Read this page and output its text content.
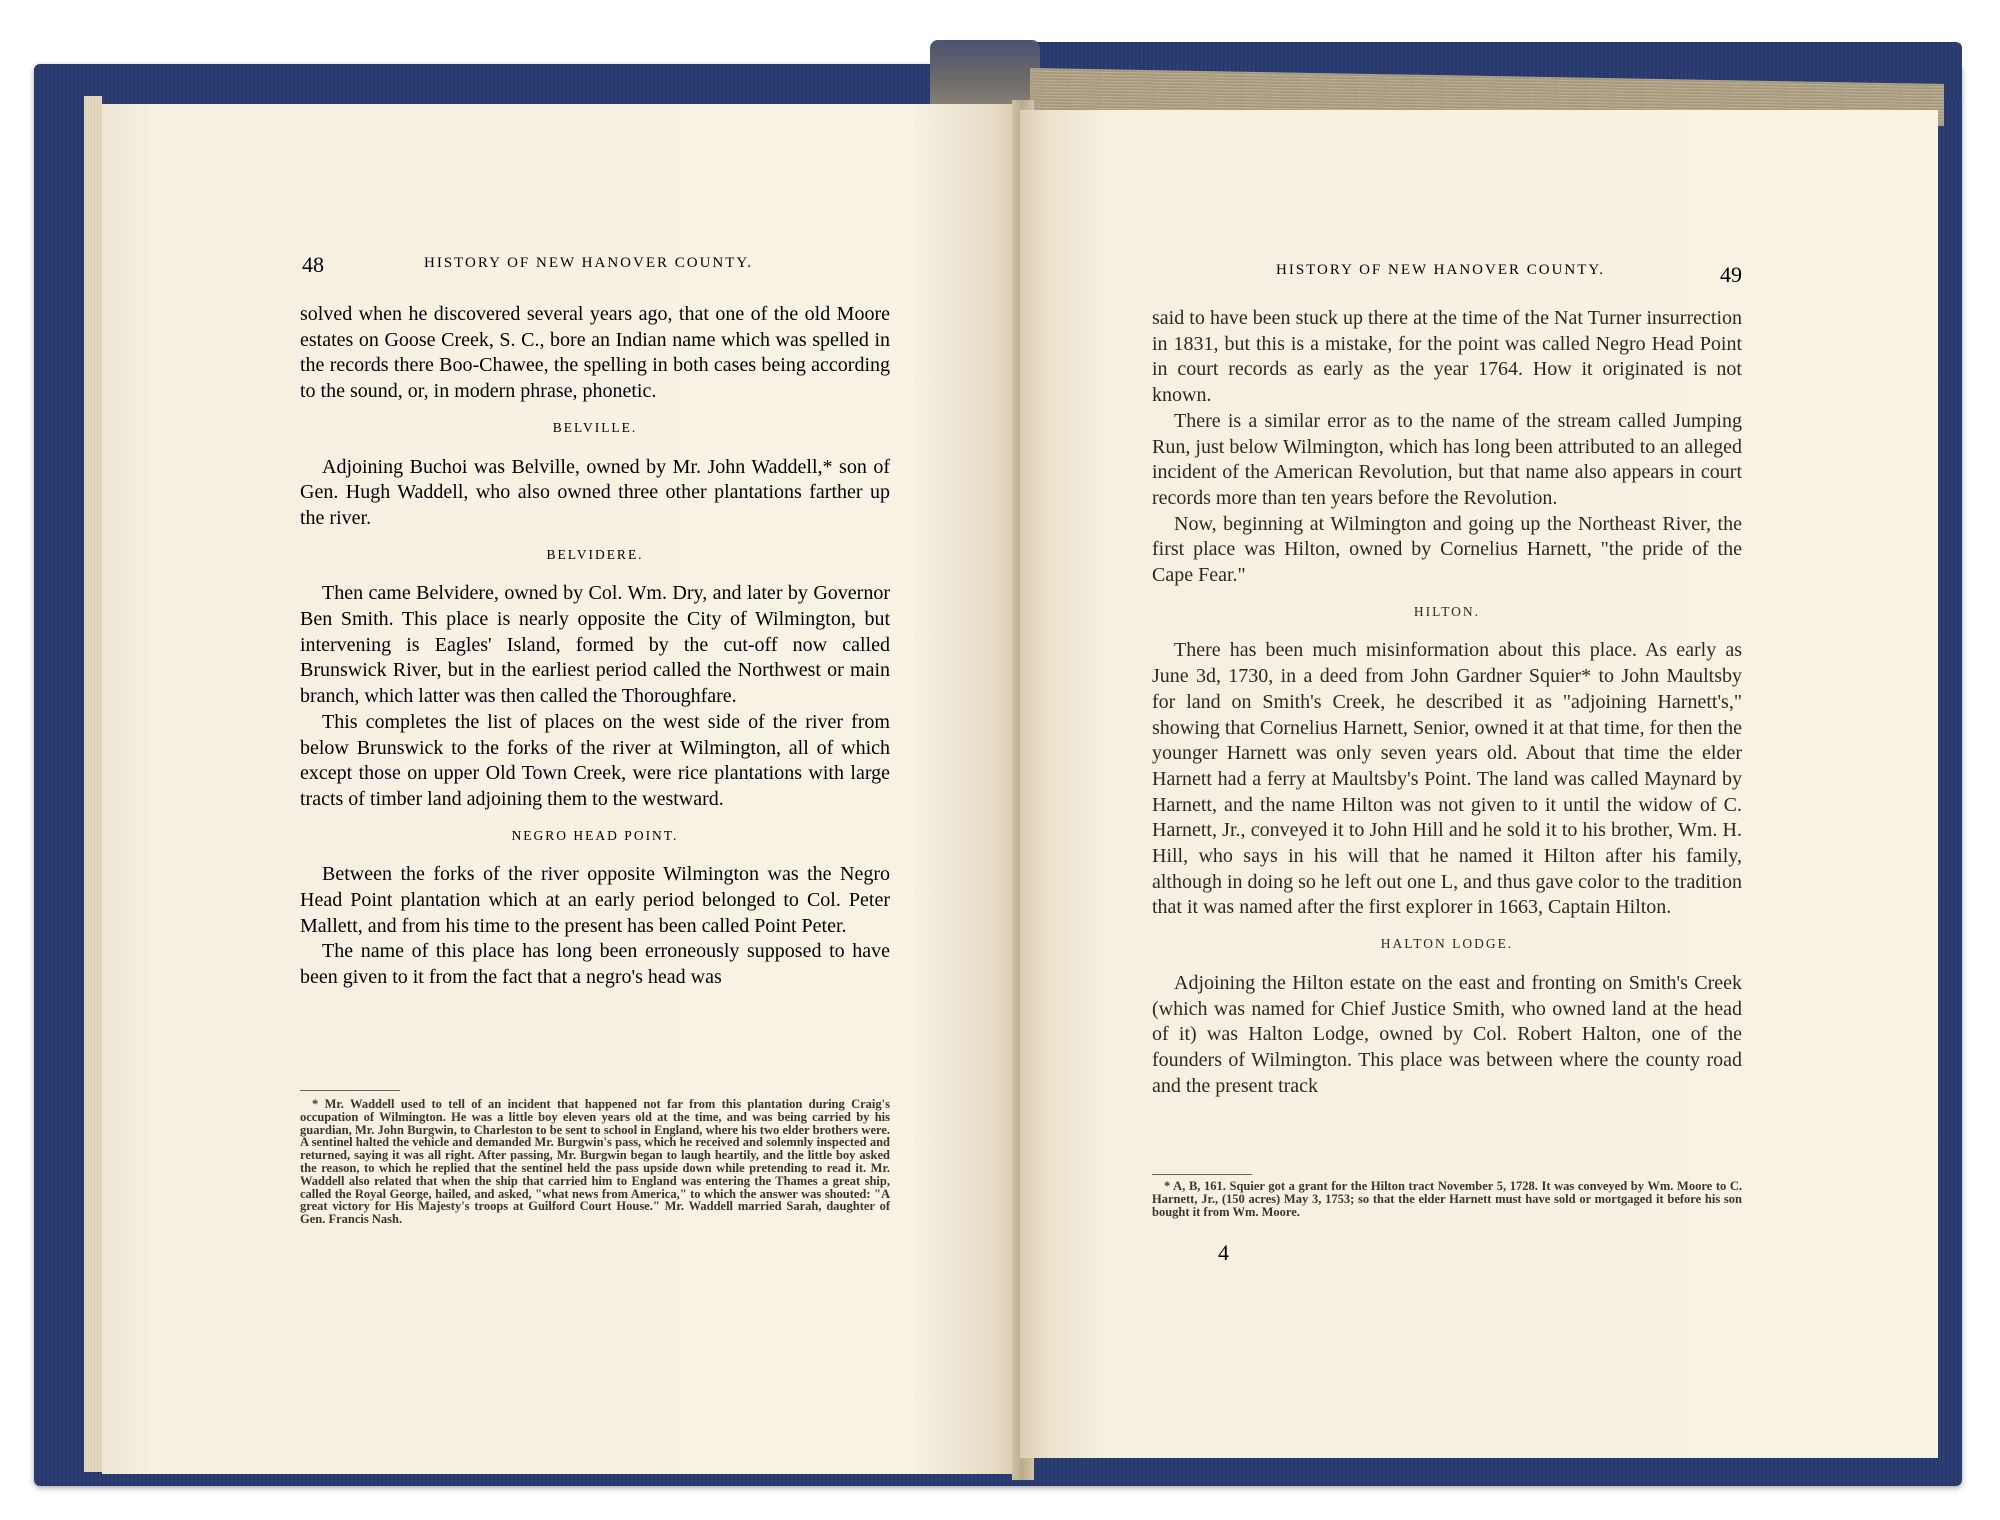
48	HISTORY OF NEW HANOVER COUNTY.

solved when he discovered several years ago, that one of the old Moore estates on Goose Creek, S. C., bore an Indian name which was spelled in the records there Boo-Chawee, the spelling in both cases being according to the sound, or, in modern phrase, phonetic.

BELVILLE.

Adjoining Buchoi was Belville, owned by Mr. John Waddell,* son of Gen. Hugh Waddell, who also owned three other plantations farther up the river.

BELVIDERE.

Then came Belvidere, owned by Col. Wm. Dry, and later by Governor Ben Smith. This place is nearly opposite the City of Wilmington, but intervening is Eagles' Island, formed by the cut-off now called Brunswick River, but in the earliest period called the Northwest or main branch, which latter was then called the Thoroughfare.

This completes the list of places on the west side of the river from below Brunswick to the forks of the river at Wilmington, all of which except those on upper Old Town Creek, were rice plantations with large tracts of timber land adjoining them to the westward.

NEGRO HEAD POINT.

Between the forks of the river opposite Wilmington was the Negro Head Point plantation which at an early period belonged to Col. Peter Mallett, and from his time to the present has been called Point Peter.

The name of this place has long been erroneously supposed to have been given to it from the fact that a negro's head was

* Mr. Waddell used to tell of an incident that happened not far from this plantation during Craig's occupation of Wilmington. He was a little boy eleven years old at the time, and was being carried by his guardian, Mr. John Burgwin, to Charleston to be sent to school in England, where his two elder brothers were. A sentinel halted the vehicle and demanded Mr. Burgwin's pass, which he received and solemnly inspected and returned, saying it was all right. After passing, Mr. Burgwin began to laugh heartily, and the little boy asked the reason, to which he replied that the sentinel held the pass upside down while pretending to read it. Mr. Waddell also related that when the ship that carried him to England was entering the Thames a great ship, called the Royal George, hailed, and asked, "what news from America," to which the answer was shouted: "A great victory for His Majesty's troops at Guilford Court House." Mr. Waddell married Sarah, daughter of Gen. Francis Nash.

HISTORY OF NEW HANOVER COUNTY.	49

said to have been stuck up there at the time of the Nat Turner insurrection in 1831, but this is a mistake, for the point was called Negro Head Point in court records as early as the year 1764. How it originated is not known.

There is a similar error as to the name of the stream called Jumping Run, just below Wilmington, which has long been attributed to an alleged incident of the American Revolution, but that name also appears in court records more than ten years before the Revolution.

Now, beginning at Wilmington and going up the Northeast River, the first place was Hilton, owned by Cornelius Harnett, "the pride of the Cape Fear."

HILTON.

There has been much misinformation about this place. As early as June 3d, 1730, in a deed from John Gardner Squier* to John Maultsby for land on Smith's Creek, he described it as "adjoining Harnett's," showing that Cornelius Harnett, Senior, owned it at that time, for then the younger Harnett was only seven years old. About that time the elder Harnett had a ferry at Maultsby's Point. The land was called Maynard by Harnett, and the name Hilton was not given to it until the widow of C. Harnett, Jr., conveyed it to John Hill and he sold it to his brother, Wm. H. Hill, who says in his will that he named it Hilton after his family, although in doing so he left out one L, and thus gave color to the tradition that it was named after the first explorer in 1663, Captain Hilton.

HALTON LODGE.

Adjoining the Hilton estate on the east and fronting on Smith's Creek (which was named for Chief Justice Smith, who owned land at the head of it) was Halton Lodge, owned by Col. Robert Halton, one of the founders of Wilmington. This place was between where the county road and the present track

* A, B, 161. Squier got a grant for the Hilton tract November 5, 1728. It was conveyed by Wm. Moore to C. Harnett, Jr., (150 acres) May 3, 1753; so that the elder Harnett must have sold or mortgaged it before his son bought it from Wm. Moore.

4
